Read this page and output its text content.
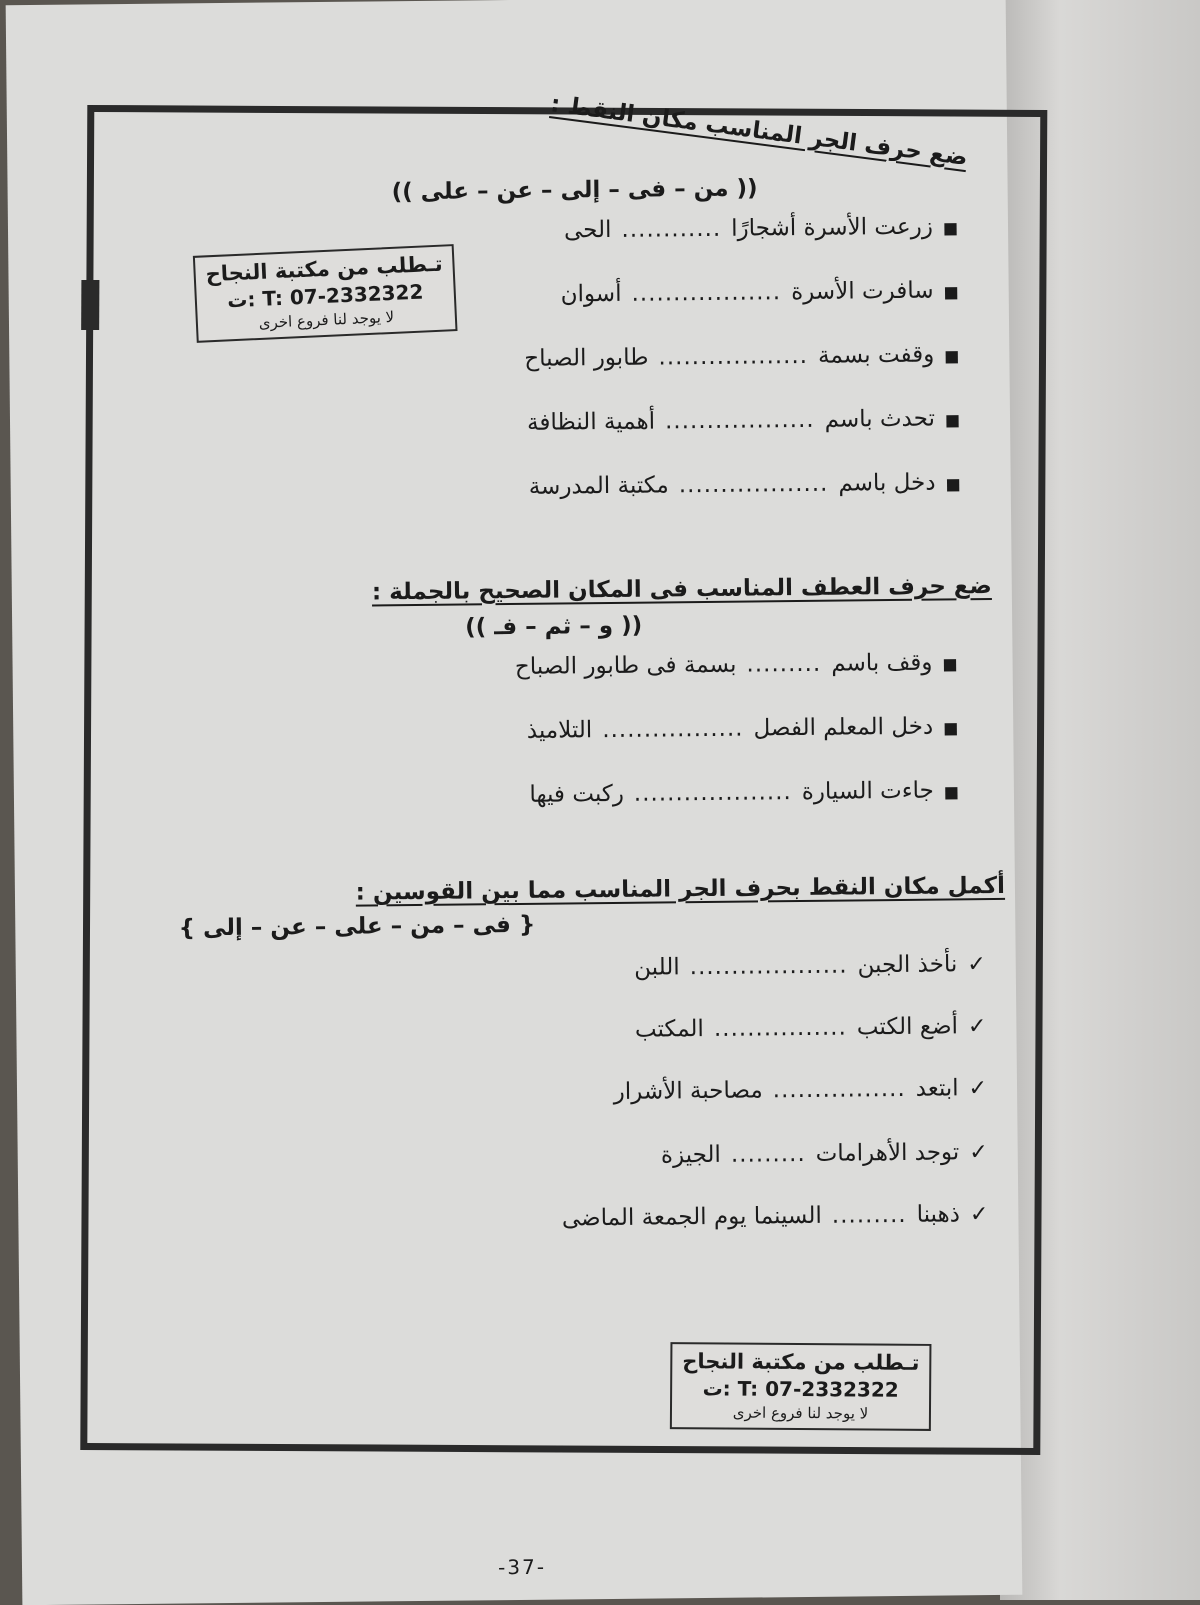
ضع حرف الجر المناسب مكان النقط :
(( من – فى – إلى – عن – على ))
■
زرعت الأسرة أشجارًا
............
الحى
■
سافرت الأسرة
..................
أسوان
■
وقفت بسمة
..................
طابور الصباح
■
تحدث باسم
..................
أهمية النظافة
■
دخل باسم
..................
مكتبة المدرسة
تـطلب من مكتبة النجاح
ت: T: 07-2332322
لا يوجد لنا فروع اخرى
ضع حرف العطف المناسب فى المكان الصحيح بالجملة :
(( و – ثم – فـ ))
■
وقف باسم
.........
بسمة فى طابور الصباح
■
دخل المعلم الفصل
.................
التلاميذ
■
جاءت السيارة
...................
ركبت فيها
أكمل مكان النقط بحرف الجر المناسب مما بين القوسين :
{ فى – من – على – عن – إلى }
✓
نأخذ الجبن
...................
اللبن
✓
أضع الكتب
................
المكتب
✓
ابتعد
................
مصاحبة الأشرار
✓
توجد الأهرامات
.........
الجيزة
✓
ذهبنا
.........
السينما يوم الجمعة الماضى
تـطلب من مكتبة النجاح
ت: T: 07-2332322
لا يوجد لنا فروع اخرى
-37-
